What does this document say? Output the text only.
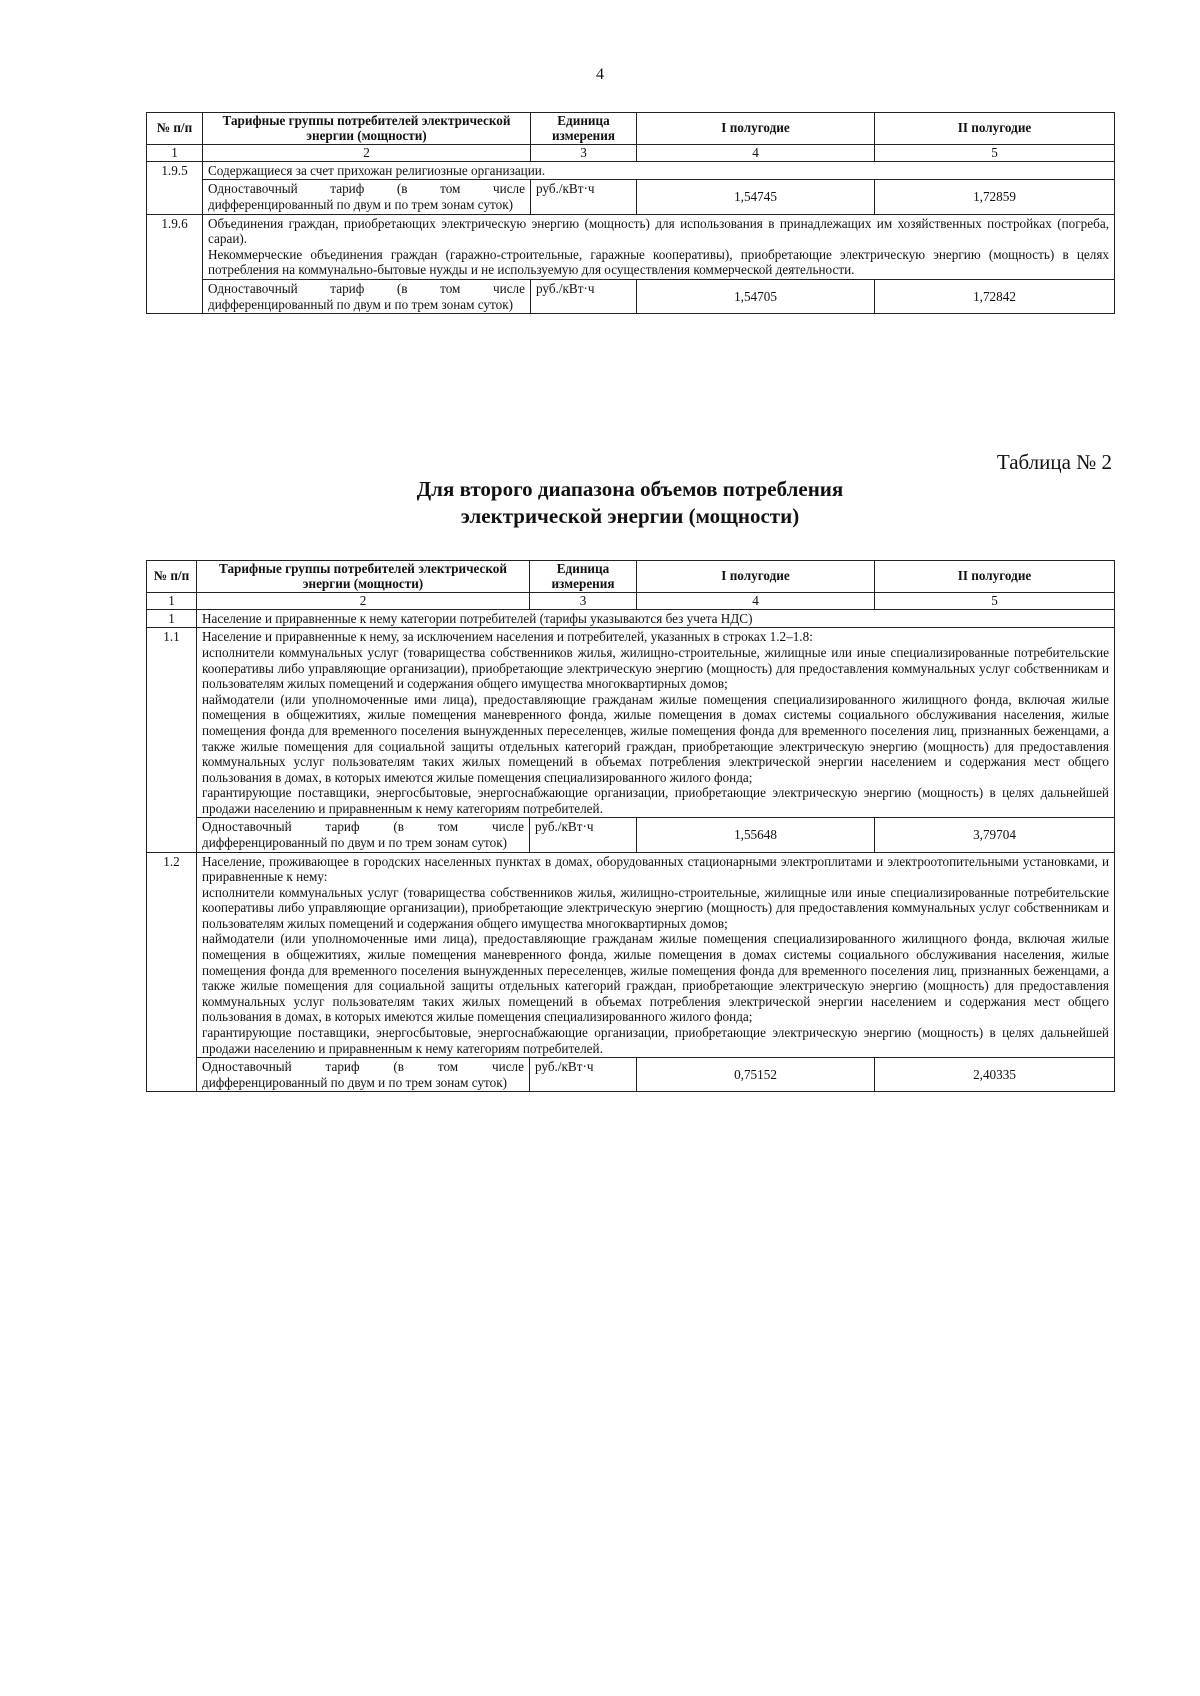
4
№ п/п	Тарифные группы потребителей электрической энергии (мощности)	Единица измерения	I полугодие	II полугодие
1	2	3	4	5
1.9.5	Содержащиеся за счет прихожан религиозные организации.			
	Одноставочный тариф (в том числе дифференцированный по двум и по трем зонам суток)	руб./кВт·ч	1,54745	1,72859
1.9.6	Объединения граждан, приобретающих электрическую энергию (мощность) для использования в принадлежащих им хозяйственных постройках (погреба, сараи).

Некоммерческие объединения граждан (гаражно-строительные, гаражные кооперативы), приобретающие электрическую энергию (мощность) в целях потребления на коммунально-бытовые нужды и не используемую для осуществления коммерческой деятельности.			

	Одноставочный тариф (в том числе дифференцированный по двум и по трем зонам суток)	руб./кВт·ч	1,54705	1,72842
Таблица № 2
Для второго диапазона объемов потребления
электрической энергии (мощности)
№ п/п	Тарифные группы потребителей электрической энергии (мощности)	Единица измерения	I полугодие	II полугодие
1	2	3	4	5
1	Население и приравненные к нему категории потребителей (тарифы указываются без учета НДС)			
1.1	Население и приравненные к нему, за исключением населения и потребителей, указанных в строках 1.2–1.8:

исполнители коммунальных услуг (товарищества собственников жилья, жилищно-строительные, жилищные или иные специализированные потребительские кооперативы либо управляющие организации), приобретающие электрическую энергию (мощность) для предоставления коммунальных услуг собственникам и пользователям жилых помещений и содержания общего имущества многоквартирных домов;

наймодатели (или уполномоченные ими лица), предоставляющие гражданам жилые помещения специализированного жилищного фонда, включая жилые помещения в общежитиях, жилые помещения маневренного фонда, жилые помещения в домах системы социального обслуживания населения, жилые помещения фонда для временного поселения вынужденных переселенцев, жилые помещения фонда для временного поселения лиц, признанных беженцами, а также жилые помещения для социальной защиты отдельных категорий граждан, приобретающие электрическую энергию (мощность) для предоставления коммунальных услуг пользователям таких жилых помещений в объемах потребления электрической энергии населением и содержания мест общего пользования в домах, в которых имеются жилые помещения специализированного жилого фонда;

гарантирующие поставщики, энергосбытовые, энергоснабжающие организации, приобретающие электрическую энергию (мощность) в целях дальнейшей продажи населению и приравненным к нему категориям потребителей.			

	Одноставочный тариф (в том числе дифференцированный по двум и по трем зонам суток)	руб./кВт·ч	1,55648	3,79704
1.2	Население, проживающее в городских населенных пунктах в домах, оборудованных стационарными электроплитами и электроотопительными установками, и приравненные к нему:

исполнители коммунальных услуг (товарищества собственников жилья, жилищно-строительные, жилищные или иные специализированные потребительские кооперативы либо управляющие организации), приобретающие электрическую энергию (мощность) для предоставления коммунальных услуг собственникам и пользователям жилых помещений и содержания общего имущества многоквартирных домов;

наймодатели (или уполномоченные ими лица), предоставляющие гражданам жилые помещения специализированного жилищного фонда, включая жилые помещения в общежитиях, жилые помещения маневренного фонда, жилые помещения в домах системы социального обслуживания населения, жилые помещения фонда для временного поселения вынужденных переселенцев, жилые помещения фонда для временного поселения лиц, признанных беженцами, а также жилые помещения для социальной защиты отдельных категорий граждан, приобретающие электрическую энергию (мощность) для предоставления коммунальных услуг пользователям таких жилых помещений в объемах потребления электрической энергии населением и содержания мест общего пользования в домах, в которых имеются жилые помещения специализированного жилого фонда;

гарантирующие поставщики, энергосбытовые, энергоснабжающие организации, приобретающие электрическую энергию (мощность) в целях дальнейшей продажи населению и приравненным к нему категориям потребителей.			

	Одноставочный тариф (в том числе дифференцированный по двум и по трем зонам суток)	руб./кВт·ч	0,75152	2,40335
